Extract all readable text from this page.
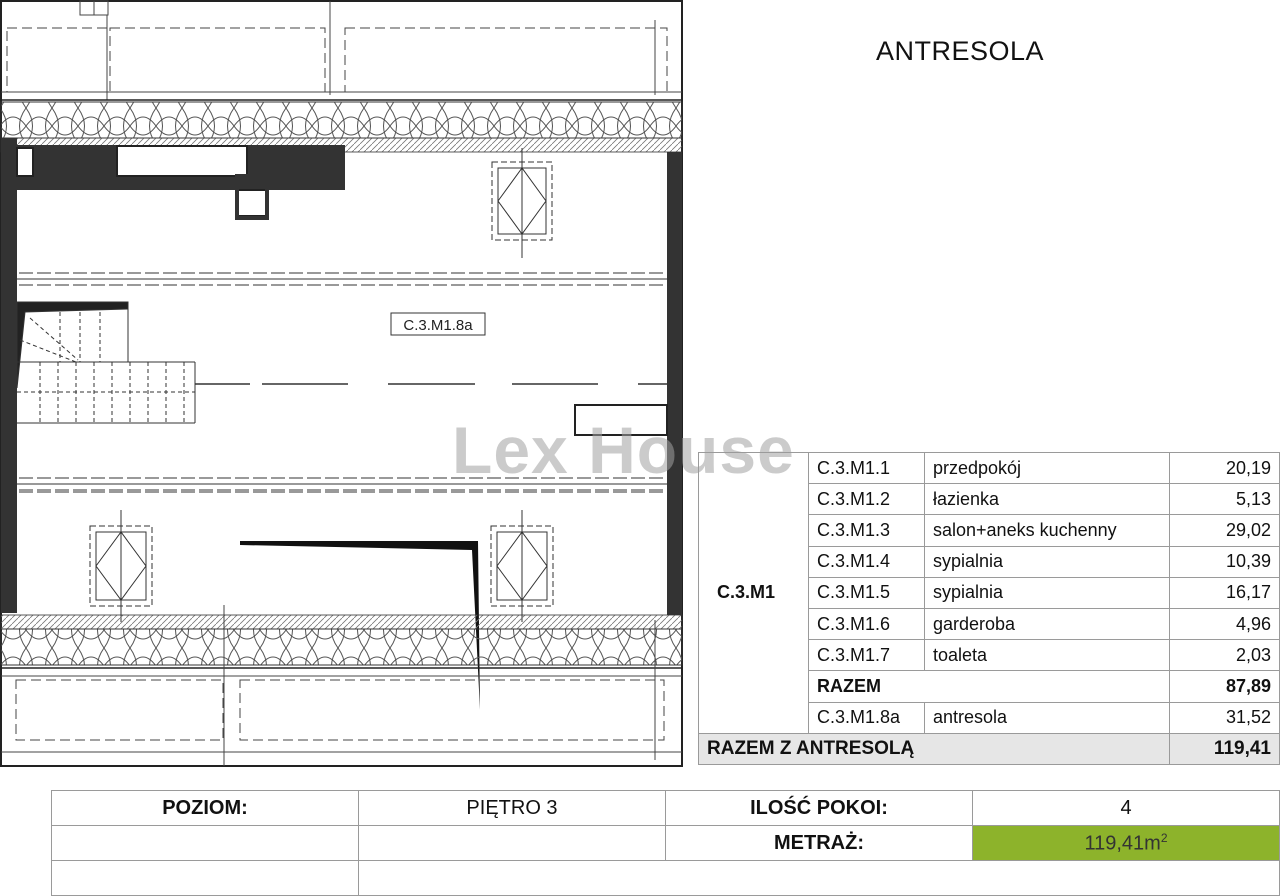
C.3.M1.8a
ANTRESOLA
Lex House
C.3.M1	C.3.M1.1	przedpokój	20,19
	C.3.M1.2	łazienka	5,13
	C.3.M1.3	salon+aneks kuchenny	29,02
	C.3.M1.4	sypialnia	10,39
	C.3.M1.5	sypialnia	16,17
	C.3.M1.6	garderoba	4,96
	C.3.M1.7	toaleta	2,03
	RAZEM		87,89
	C.3.M1.8a	antresola	31,52
RAZEM Z ANTRESOLĄ			119,41
POZIOM:	PIĘTRO 3	ILOŚĆ POKOI:	4
		METRAŻ:	$119,41m^2$
